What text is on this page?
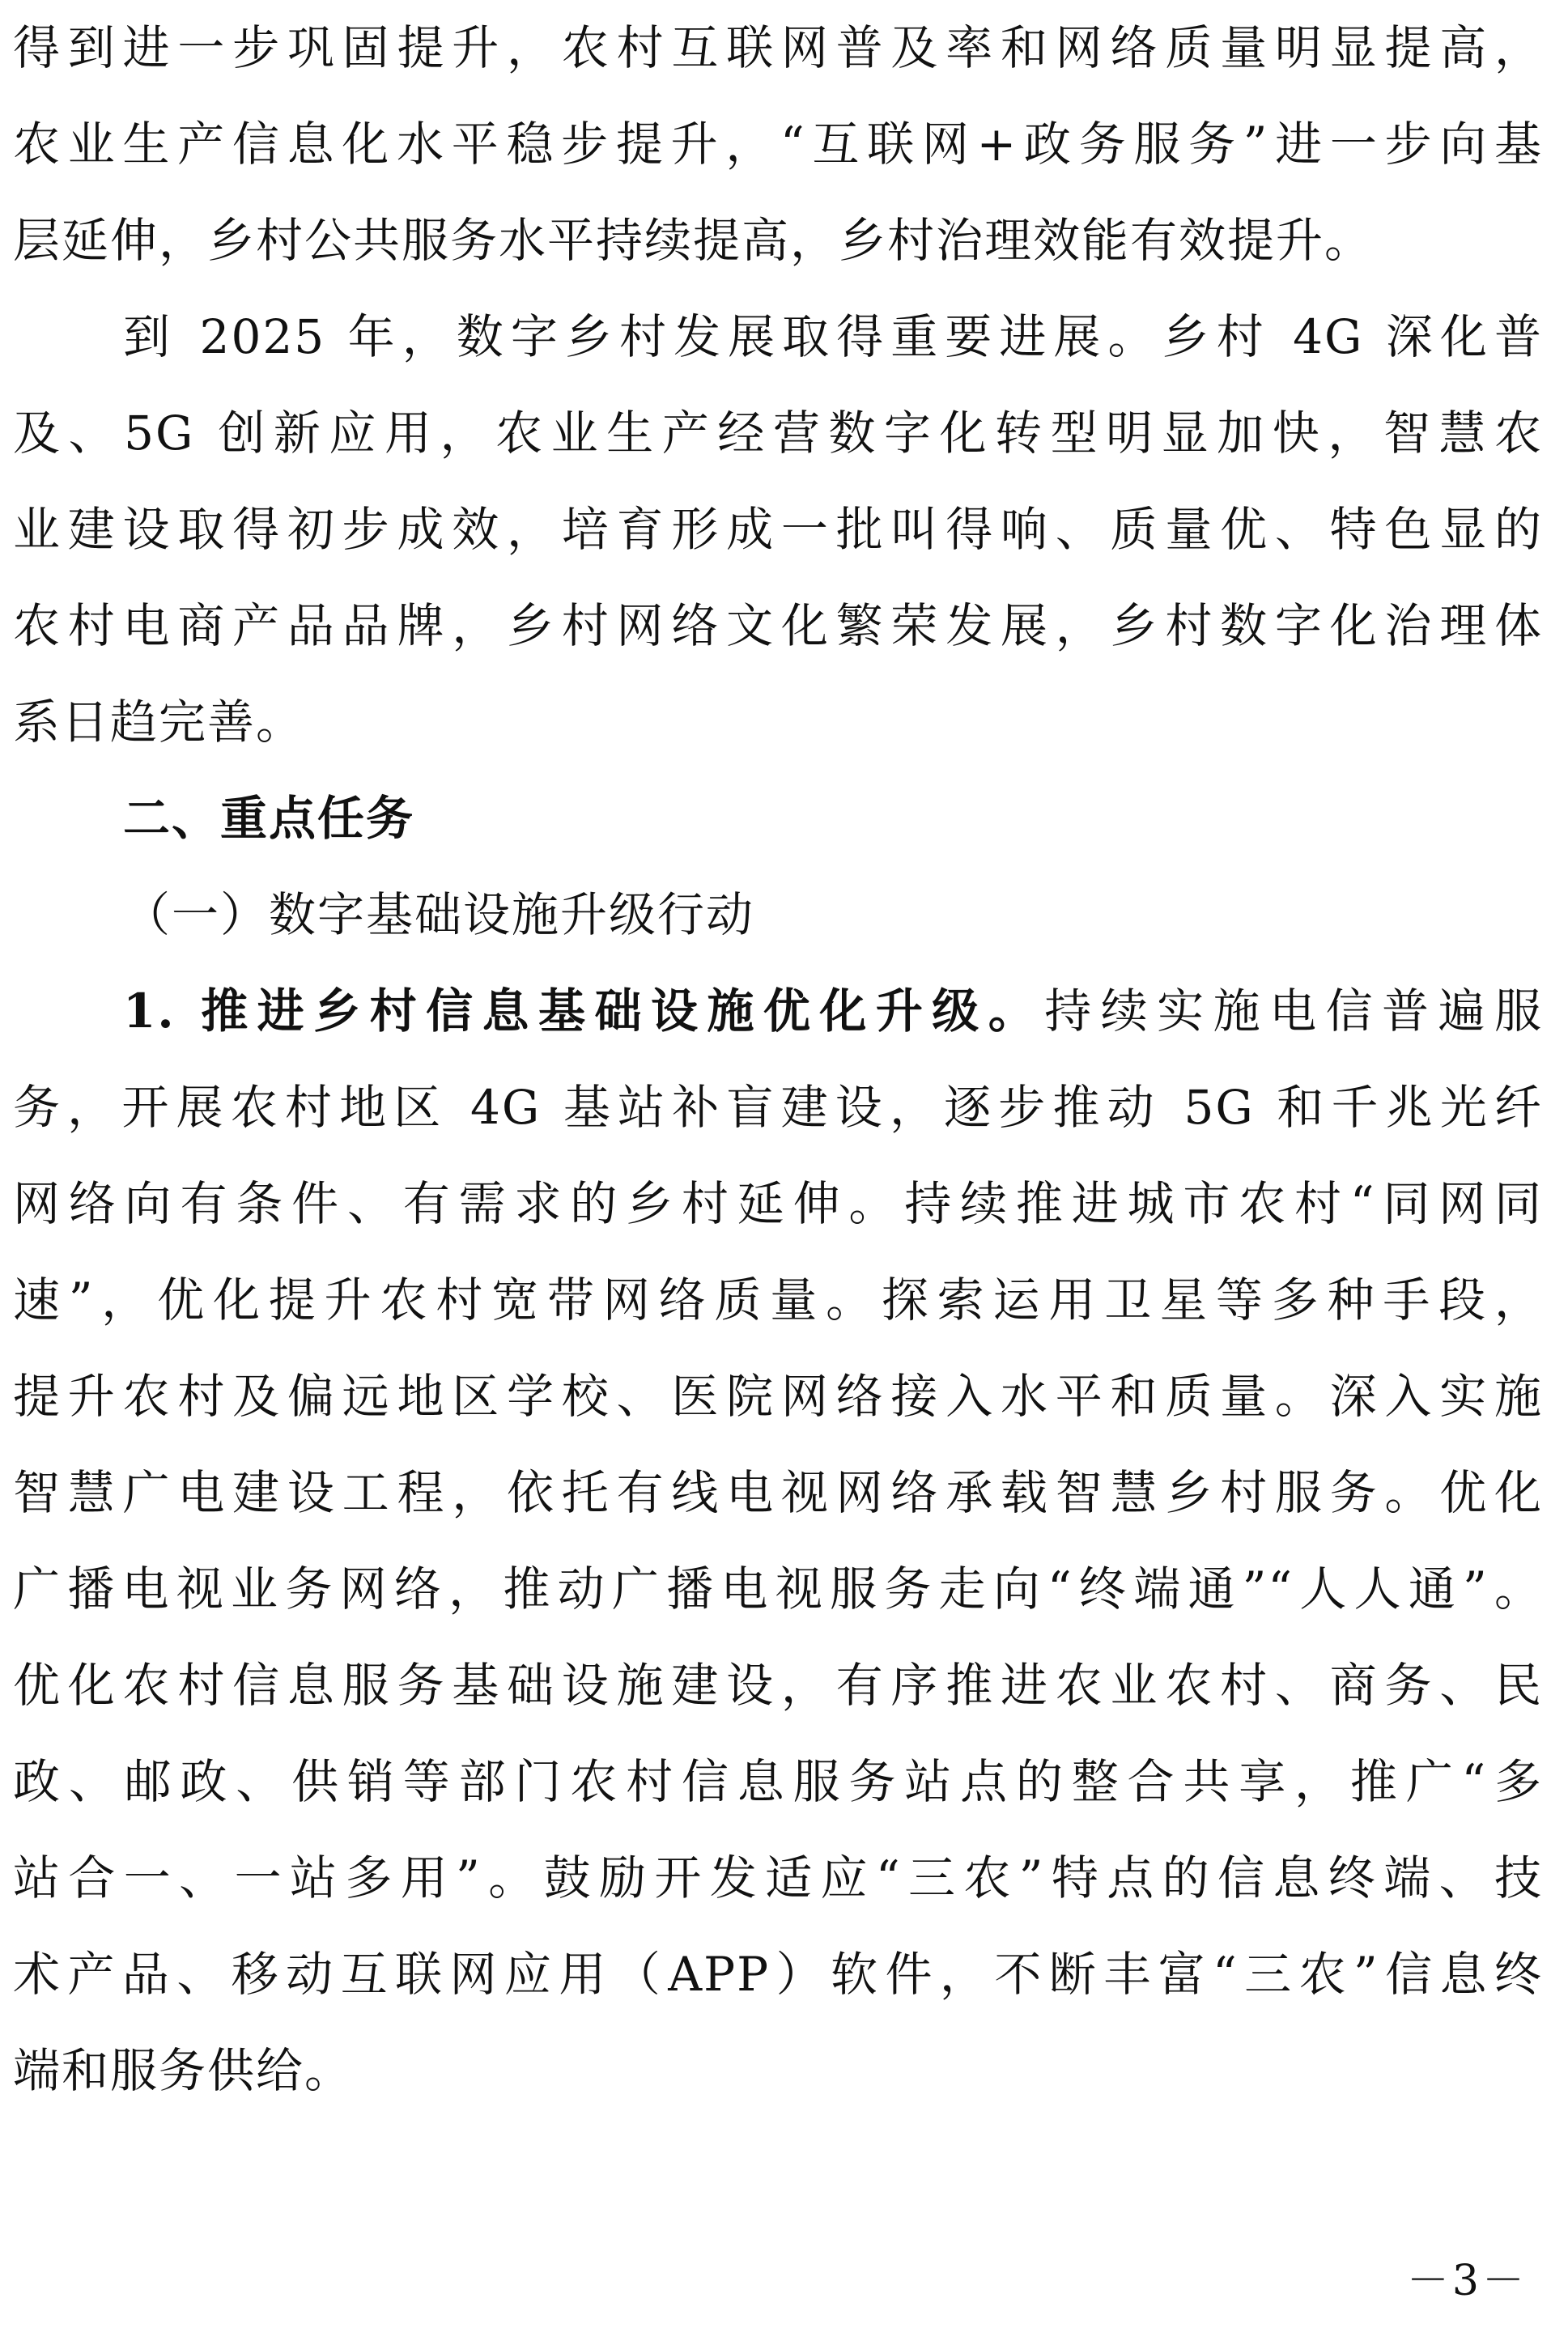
得到进一步巩固提升，农村互联网普及率和网络质量明显提高，
农业生产信息化水平稳步提升，“互联网+政务服务”进一步向基
层延伸，乡村公共服务水平持续提高，乡村治理效能有效提升。
到 2025 年，数字乡村发展取得重要进展。乡村 4G 深化普
及、5G 创新应用，农业生产经营数字化转型明显加快，智慧农
业建设取得初步成效，培育形成一批叫得响、质量优、特色显的
农村电商产品品牌，乡村网络文化繁荣发展，乡村数字化治理体
系日趋完善。
二、重点任务
（一）数字基础设施升级行动
1. 推进乡村信息基础设施优化升级。持续实施电信普遍服
务，开展农村地区 4G 基站补盲建设，逐步推动 5G 和千兆光纤
网络向有条件、有需求的乡村延伸。持续推进城市农村“同网同
速”，优化提升农村宽带网络质量。探索运用卫星等多种手段，
提升农村及偏远地区学校、医院网络接入水平和质量。深入实施
智慧广电建设工程，依托有线电视网络承载智慧乡村服务。优化
广播电视业务网络，推动广播电视服务走向“终端通”“人人通”。
优化农村信息服务基础设施建设，有序推进农业农村、商务、民
政、邮政、供销等部门农村信息服务站点的整合共享，推广“多
站合一、一站多用”。鼓励开发适应“三农”特点的信息终端、技
术产品、移动互联网应用（APP）软件，不断丰富“三农”信息终
端和服务供给。
－3－
